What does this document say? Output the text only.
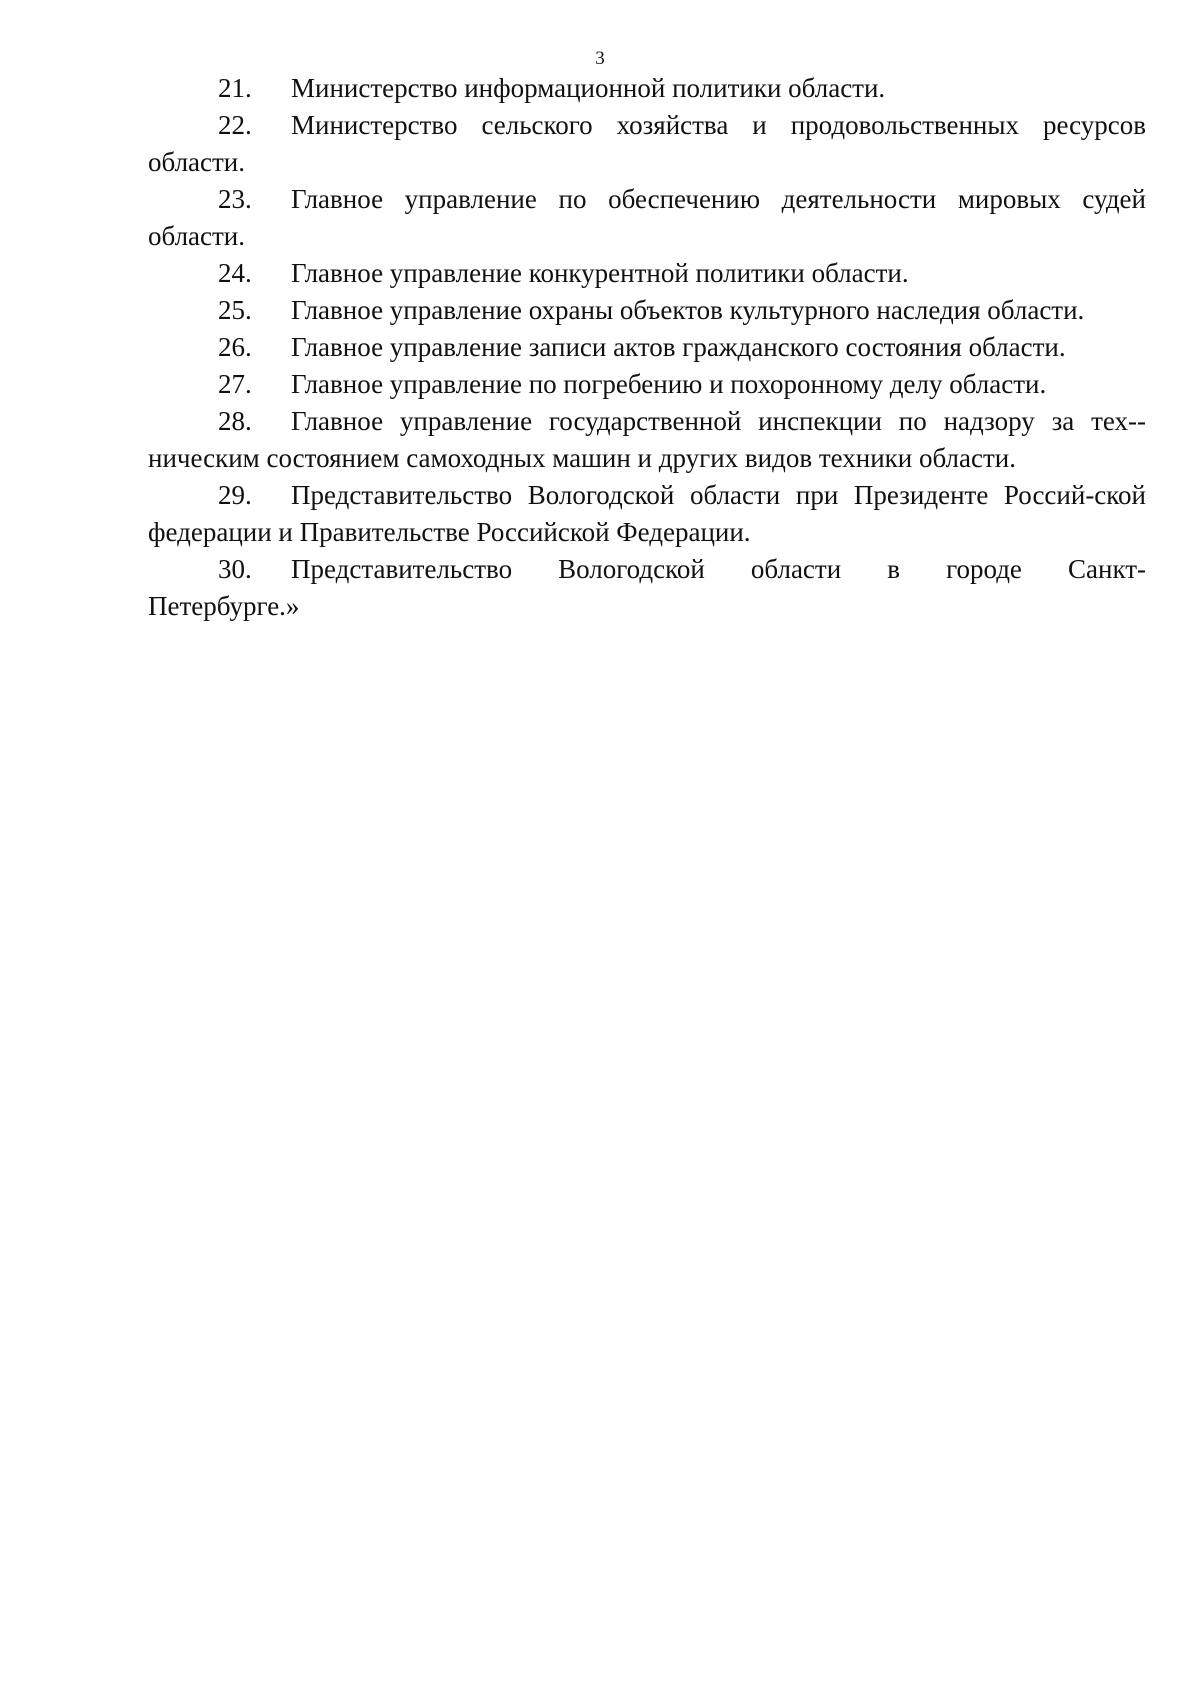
3

21. Министерство информационной политики области.

22. Министерство сельского хозяйства и продовольственных ресурсов области.

23. Главное управление по обеспечению деятельности мировых судей области.

24. Главное управление конкурентной политики области.

25. Главное управление охраны объектов культурного наследия области.

26. Главное управление записи актов гражданского состояния области.

27. Главное управление по погребению и похоронному делу области.

28. Главное управление государственной инспекции по надзору за тех-ническим состоянием самоходных машин и других видов техники области.

29. Представительство Вологодской области при Президенте Россий-ской федерации и Правительстве Российской Федерации.

30. Представительство Вологодской области в городе Санкт-

Петербурге.»
